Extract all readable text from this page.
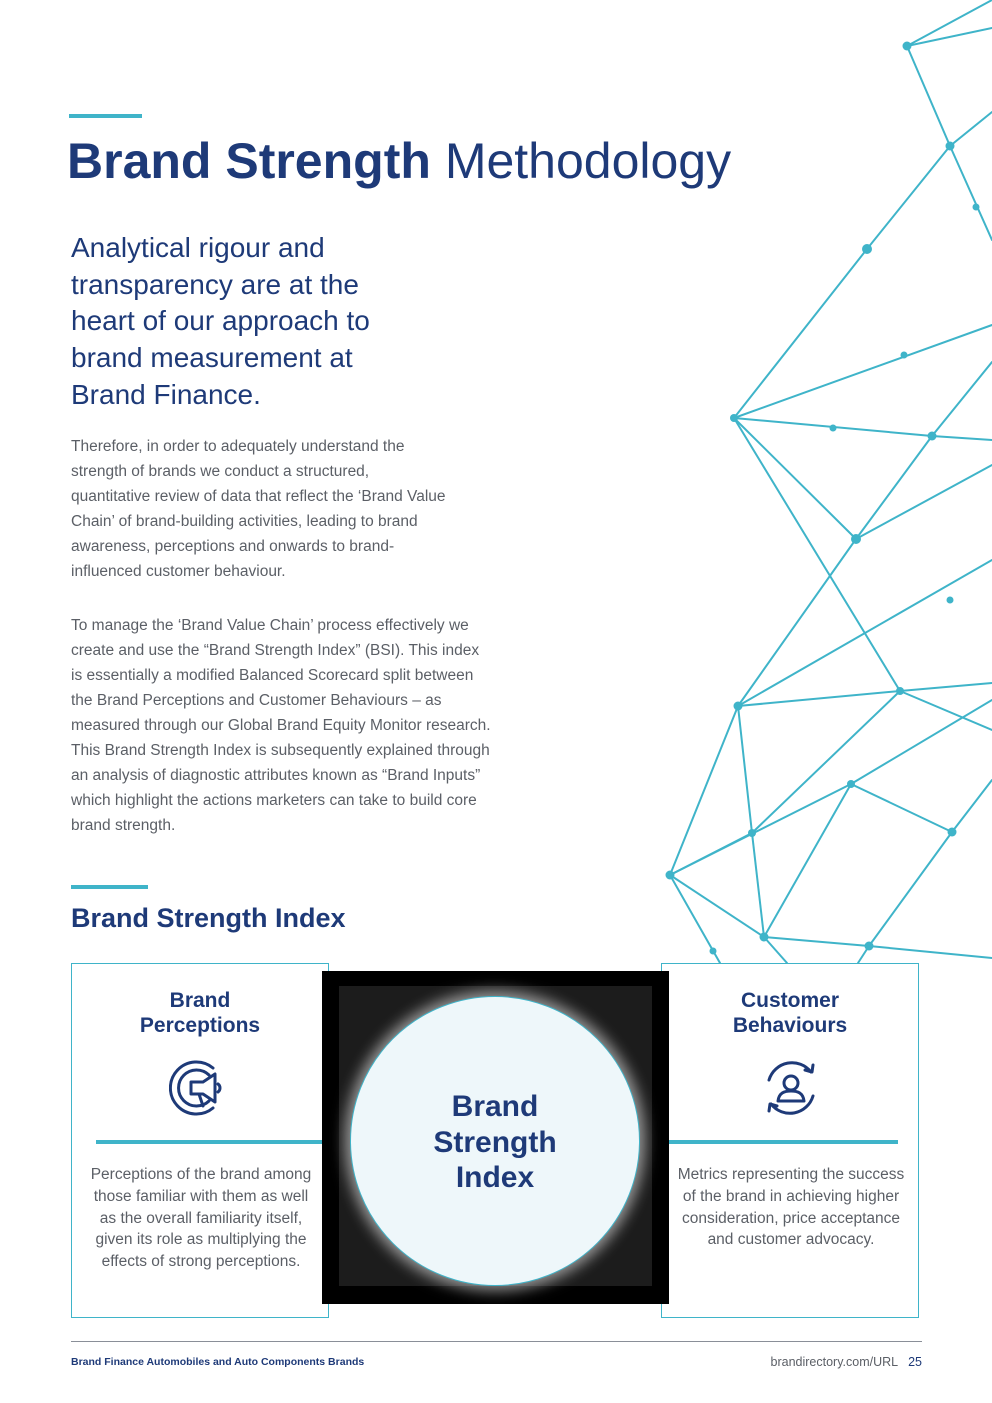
Brand Strength Methodology
Analytical rigour and transparency are at the heart of our approach to brand measurement at Brand Finance.
Therefore, in order to adequately understand the strength of brands we conduct a structured, quantitative review of data that reflect the ‘Brand Value Chain’ of brand-building activities, leading to brand awareness, perceptions and onwards to brand-influenced customer behaviour.
To manage the ‘Brand Value Chain’ process effectively we create and use the “Brand Strength Index” (BSI). This index is essentially a modified Balanced Scorecard split between the Brand Perceptions and Customer Behaviours – as measured through our Global Brand Equity Monitor research. This Brand Strength Index is subsequently explained through an analysis of diagnostic attributes known as “Brand Inputs” which highlight the actions marketers can take to build core brand strength.
Brand Strength Index
Brand
Perceptions
Perceptions of the brand among those familiar with them as well as the overall familiarity itself, given its role as multiplying the effects of strong perceptions.
Customer
Behaviours
Metrics representing the success of the brand in achieving higher consideration, price acceptance and customer advocacy.
Brand
Strength
Index
Brand Finance Automobiles and Auto Components Brands	brandirectory.com/URL 25
